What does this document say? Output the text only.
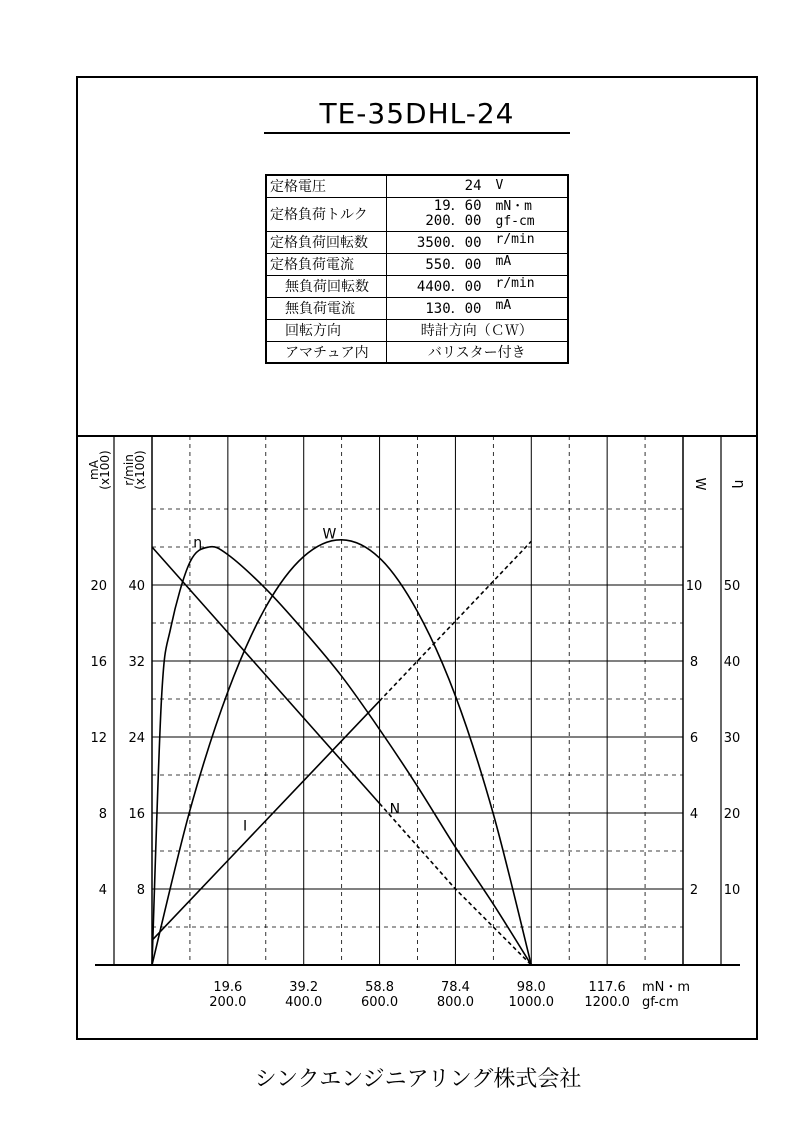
TE-35DHL-24
定格電圧	24 V

定格負荷トルク	19．60 mN・m
200．00 gf-cm

定格負荷回転数	3500．00 r/min

定格負荷電流	550．00 mA

無負荷回転数	4400．00 r/min

無負荷電流	130．00 mA

回転方向	時計方向（ＣＷ）
アマチュア内	バリスター付き
4
8
12
16
20
8
16
24
32
40
2
4
6
8
10
10
20
30
40
50
19.6	39.2	58.8	78.4	98.0	117.6
200.0	400.0	600.0	800.0	1000.0 1200.0
mN・m
gf-cm
N
I
W
η
mA(x100) r/min(x100)	W η
シンクエンジニアリング株式会社
